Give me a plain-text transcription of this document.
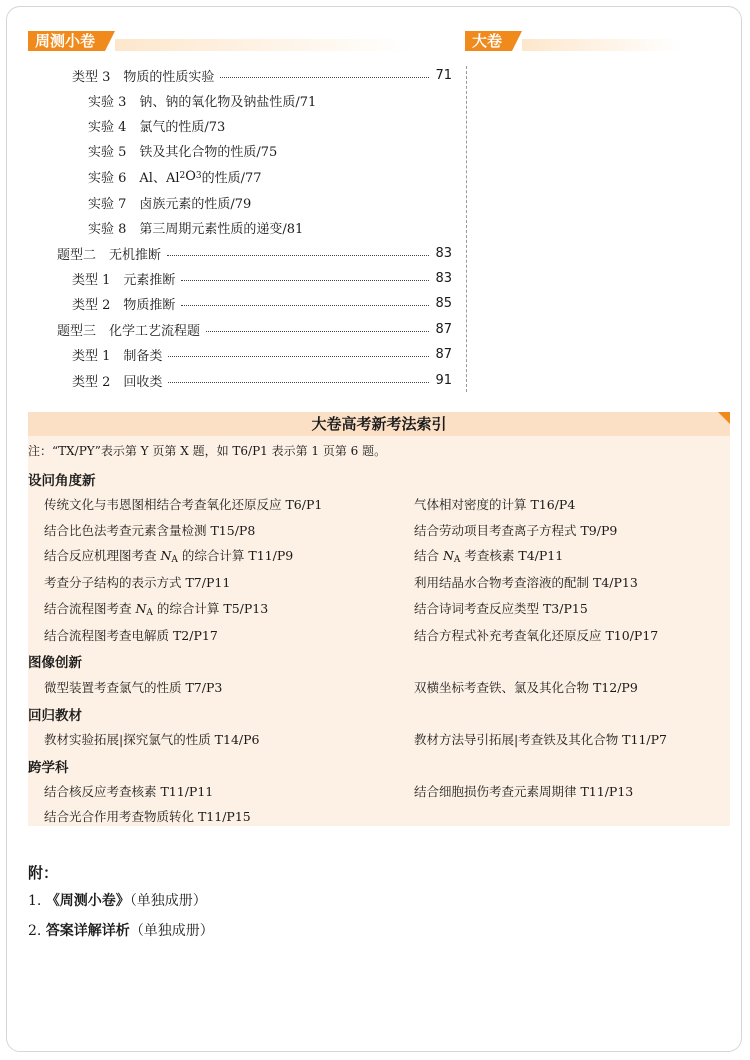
周测小卷	大卷
类型 3　物质的性质实验	71
实验 3　钠、钠的氧化物及钠盐性质/71
实验 4　氯气的性质/73
实验 5　铁及其化合物的性质/75
实验 6　Al、Al 2 O 3 的性质/77
实验 7　卤族元素的性质/79
实验 8　第三周期元素性质的递变/81
题型二　无机推断	83
类型 1　元素推断	83
类型 2　物质推断	85
题型三　化学工艺流程题	87
类型 1　制备类	87
类型 2　回收类	91
大卷高考新考法索引
注：“TX/PY”表示第 Y 页第 X 题，如 T6/P1 表示第 1 页第 6 题。
设问角度新
传统文化与韦恩图相结合考查氧化还原反应 T6/P1	气体相对密度的计算 T16/P4
结合比色法考查元素含量检测 T15/P8	结合劳动项目考查离子方程式 T9/P9
结合反应机理图考查 $N_A$ 的综合计算 T11/P9	结合 $N_A$ 考查核素 T4/P11
考查分子结构的表示方式 T7/P11	利用结晶水合物考查溶液的配制 T4/P13
结合流程图考查 $N_A$ 的综合计算 T5/P13	结合诗词考查反应类型 T3/P15
结合流程图考查电解质 T2/P17	结合方程式补充考查氧化还原反应 T10/P17
图像创新
微型装置考查氯气的性质 T7/P3	双横坐标考查铁、氯及其化合物 T12/P9
回归教材
教材实验拓展|探究氯气的性质 T14/P6	教材方法导引拓展|考查铁及其化合物 T11/P7
跨学科
结合核反应考查核素 T11/P11	结合细胞损伤考查元素周期律 T11/P13
结合光合作用考查物质转化 T11/P15
附：
1. 《周测小卷》（单独成册）
2. 答案详解详析（单独成册）
